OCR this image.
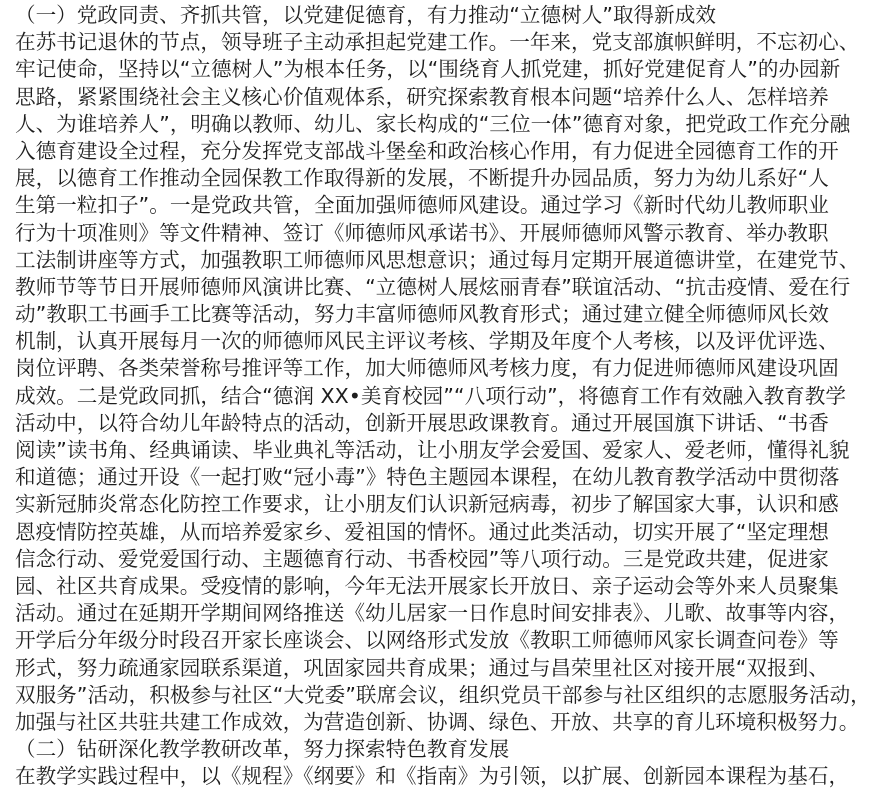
（一）党政同责、齐抓共管，以党建促德育，有力推动“立德树人”取得新成效
在苏书记退休的节点，领导班子主动承担起党建工作。一年来，党支部旗帜鲜明，不忘初心、
牢记使命，坚持以“立德树人”为根本任务，以“围绕育人抓党建，抓好党建促育人”的办园新
思路，紧紧围绕社会主义核心价值观体系，研究探索教育根本问题“培养什么人、怎样培养
人、为谁培养人”，明确以教师、幼儿、家长构成的“三位一体”德育对象，把党政工作充分融
入德育建设全过程，充分发挥党支部战斗堡垒和政治核心作用，有力促进全园德育工作的开
展，以德育工作推动全园保教工作取得新的发展，不断提升办园品质，努力为幼儿系好“人
生第一粒扣子”。一是党政共管，全面加强师德师风建设。通过学习《新时代幼儿教师职业
行为十项准则》等文件精神、签订《师德师风承诺书》、开展师德师风警示教育、举办教职
工法制讲座等方式，加强教职工师德师风思想意识；通过每月定期开展道德讲堂，在建党节、
教师节等节日开展师德师风演讲比赛、“立德树人展炫丽青春”联谊活动、“抗击疫情、爱在行
动”教职工书画手工比赛等活动，努力丰富师德师风教育形式；通过建立健全师德师风长效
机制，认真开展每月一次的师德师风民主评议考核、学期及年度个人考核，以及评优评选、
岗位评聘、各类荣誉称号推评等工作，加大师德师风考核力度，有力促进师德师风建设巩固
成效。二是党政同抓，结合“德润 XX•美育校园”“八项行动”，将德育工作有效融入教育教学
活动中，以符合幼儿年龄特点的活动，创新开展思政课教育。通过开展国旗下讲话、“书香
阅读”读书角、经典诵读、毕业典礼等活动，让小朋友学会爱国、爱家人、爱老师，懂得礼貌
和道德；通过开设《一起打败“冠小毒”》特色主题园本课程，在幼儿教育教学活动中贯彻落
实新冠肺炎常态化防控工作要求，让小朋友们认识新冠病毒，初步了解国家大事，认识和感
恩疫情防控英雄，从而培养爱家乡、爱祖国的情怀。通过此类活动，切实开展了“坚定理想
信念行动、爱党爱国行动、主题德育行动、书香校园”等八项行动。三是党政共建，促进家
园、社区共育成果。受疫情的影响，今年无法开展家长开放日、亲子运动会等外来人员聚集
活动。通过在延期开学期间网络推送《幼儿居家一日作息时间安排表》、儿歌、故事等内容，
开学后分年级分时段召开家长座谈会、以网络形式发放《教职工师德师风家长调查问卷》等
形式，努力疏通家园联系渠道，巩固家园共育成果；通过与昌荣里社区对接开展“双报到、
双服务”活动，积极参与社区“大党委”联席会议，组织党员干部参与社区组织的志愿服务活动，
加强与社区共驻共建工作成效，为营造创新、协调、绿色、开放、共享的育儿环境积极努力。
（二）钻研深化教学教研改革，努力探索特色教育发展
在教学实践过程中，以《规程》《纲要》和《指南》为引领，以扩展、创新园本课程为基石，
